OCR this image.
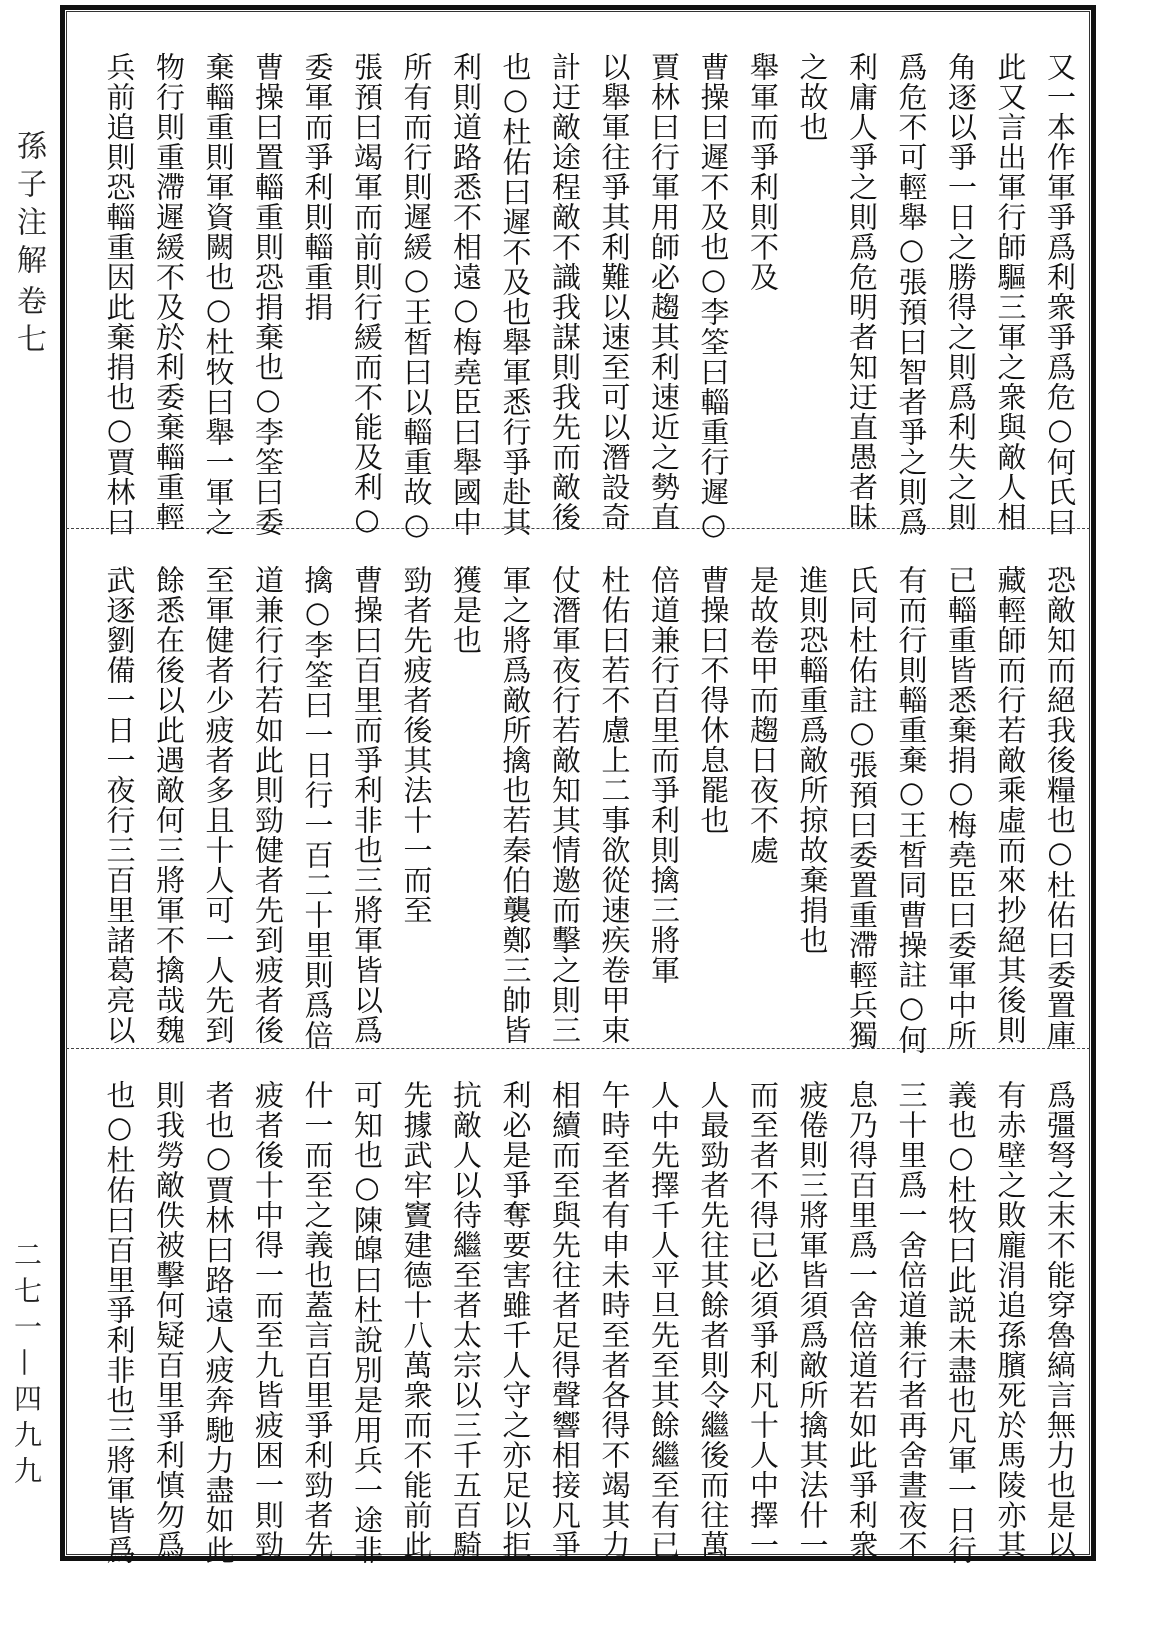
孫子注解
卷七
二七一—四九九
又一本作軍爭爲利衆爭爲危○何氏曰
此又言出軍行師驅三軍之衆與敵人相
角逐以爭一日之勝得之則爲利失之則
爲危不可輕舉○張預曰智者爭之則爲
利庸人爭之則爲危明者知迂直愚者昧
之故也
舉軍而爭利則不及
曹操曰遲不及也○李筌曰輜重行遲○
賈林曰行軍用師必趨其利速近之勢直
以舉軍往爭其利難以速至可以潛設奇
計迂敵途程敵不識我謀則我先而敵後
也○杜佑曰遲不及也舉軍悉行爭赴其
利則道路悉不相遠○梅堯臣曰舉國中
所有而行則遲緩○王皙曰以輜重故○
張預曰竭軍而前則行緩而不能及利○
委軍而爭利則輜重捐
曹操曰置輜重則恐捐棄也○李筌曰委
棄輜重則軍資闕也○杜牧曰舉一軍之
物行則重滯遲緩不及於利委棄輜重輕
兵前追則恐輜重因此棄捐也○賈林曰
恐敵知而絕我後糧也○杜佑曰委置庫
藏輕師而行若敵乘虛而來抄絕其後則
已輜重皆悉棄捐○梅堯臣曰委軍中所
有而行則輜重棄○王皙同曹操註○何
氏同杜佑註○張預曰委置重滯輕兵獨
進則恐輜重爲敵所掠故棄捐也
是故卷甲而趨日夜不處
曹操曰不得休息罷也
倍道兼行百里而爭利則擒三將軍
杜佑曰若不慮上二事欲從速疾卷甲束
仗潛軍夜行若敵知其情邀而擊之則三
軍之將爲敵所擒也若秦伯襲鄭三帥皆
獲是也
勁者先疲者後其法十一而至
曹操曰百里而爭利非也三將軍皆以爲
擒○李筌曰一日行一百二十里則爲倍
道兼行行若如此則勁健者先到疲者後
至軍健者少疲者多且十人可一人先到
餘悉在後以此遇敵何三將軍不擒哉魏
武逐劉備一日一夜行三百里諸葛亮以
爲彊弩之末不能穿魯縞言無力也是以
有赤壁之敗龐涓追孫臏死於馬陵亦其
義也○杜牧曰此説未盡也凡軍一日行
三十里爲一舍倍道兼行者再舍晝夜不
息乃得百里爲一舍倍道若如此爭利衆
疲倦則三將軍皆須爲敵所擒其法什一
而至者不得已必須爭利凡十人中擇一
人最勁者先往其餘者則令繼後而往萬
人中先擇千人平旦先至其餘繼至有已
午時至者有申未時至者各得不竭其力
相續而至與先往者足得聲響相接凡爭
利必是爭奪要害雖千人守之亦足以拒
抗敵人以待繼至者太宗以三千五百騎
先據武牢竇建德十八萬衆而不能前此
可知也○陳皥曰杜說別是用兵一途非
什一而至之義也蓋言百里爭利勁者先
疲者後十中得一而至九皆疲困一則勁
者也○賈林曰路遠人疲奔馳力盡如此
則我勞敵佚被擊何疑百里爭利慎勿爲
也○杜佑曰百里爭利非也三將軍皆爲
